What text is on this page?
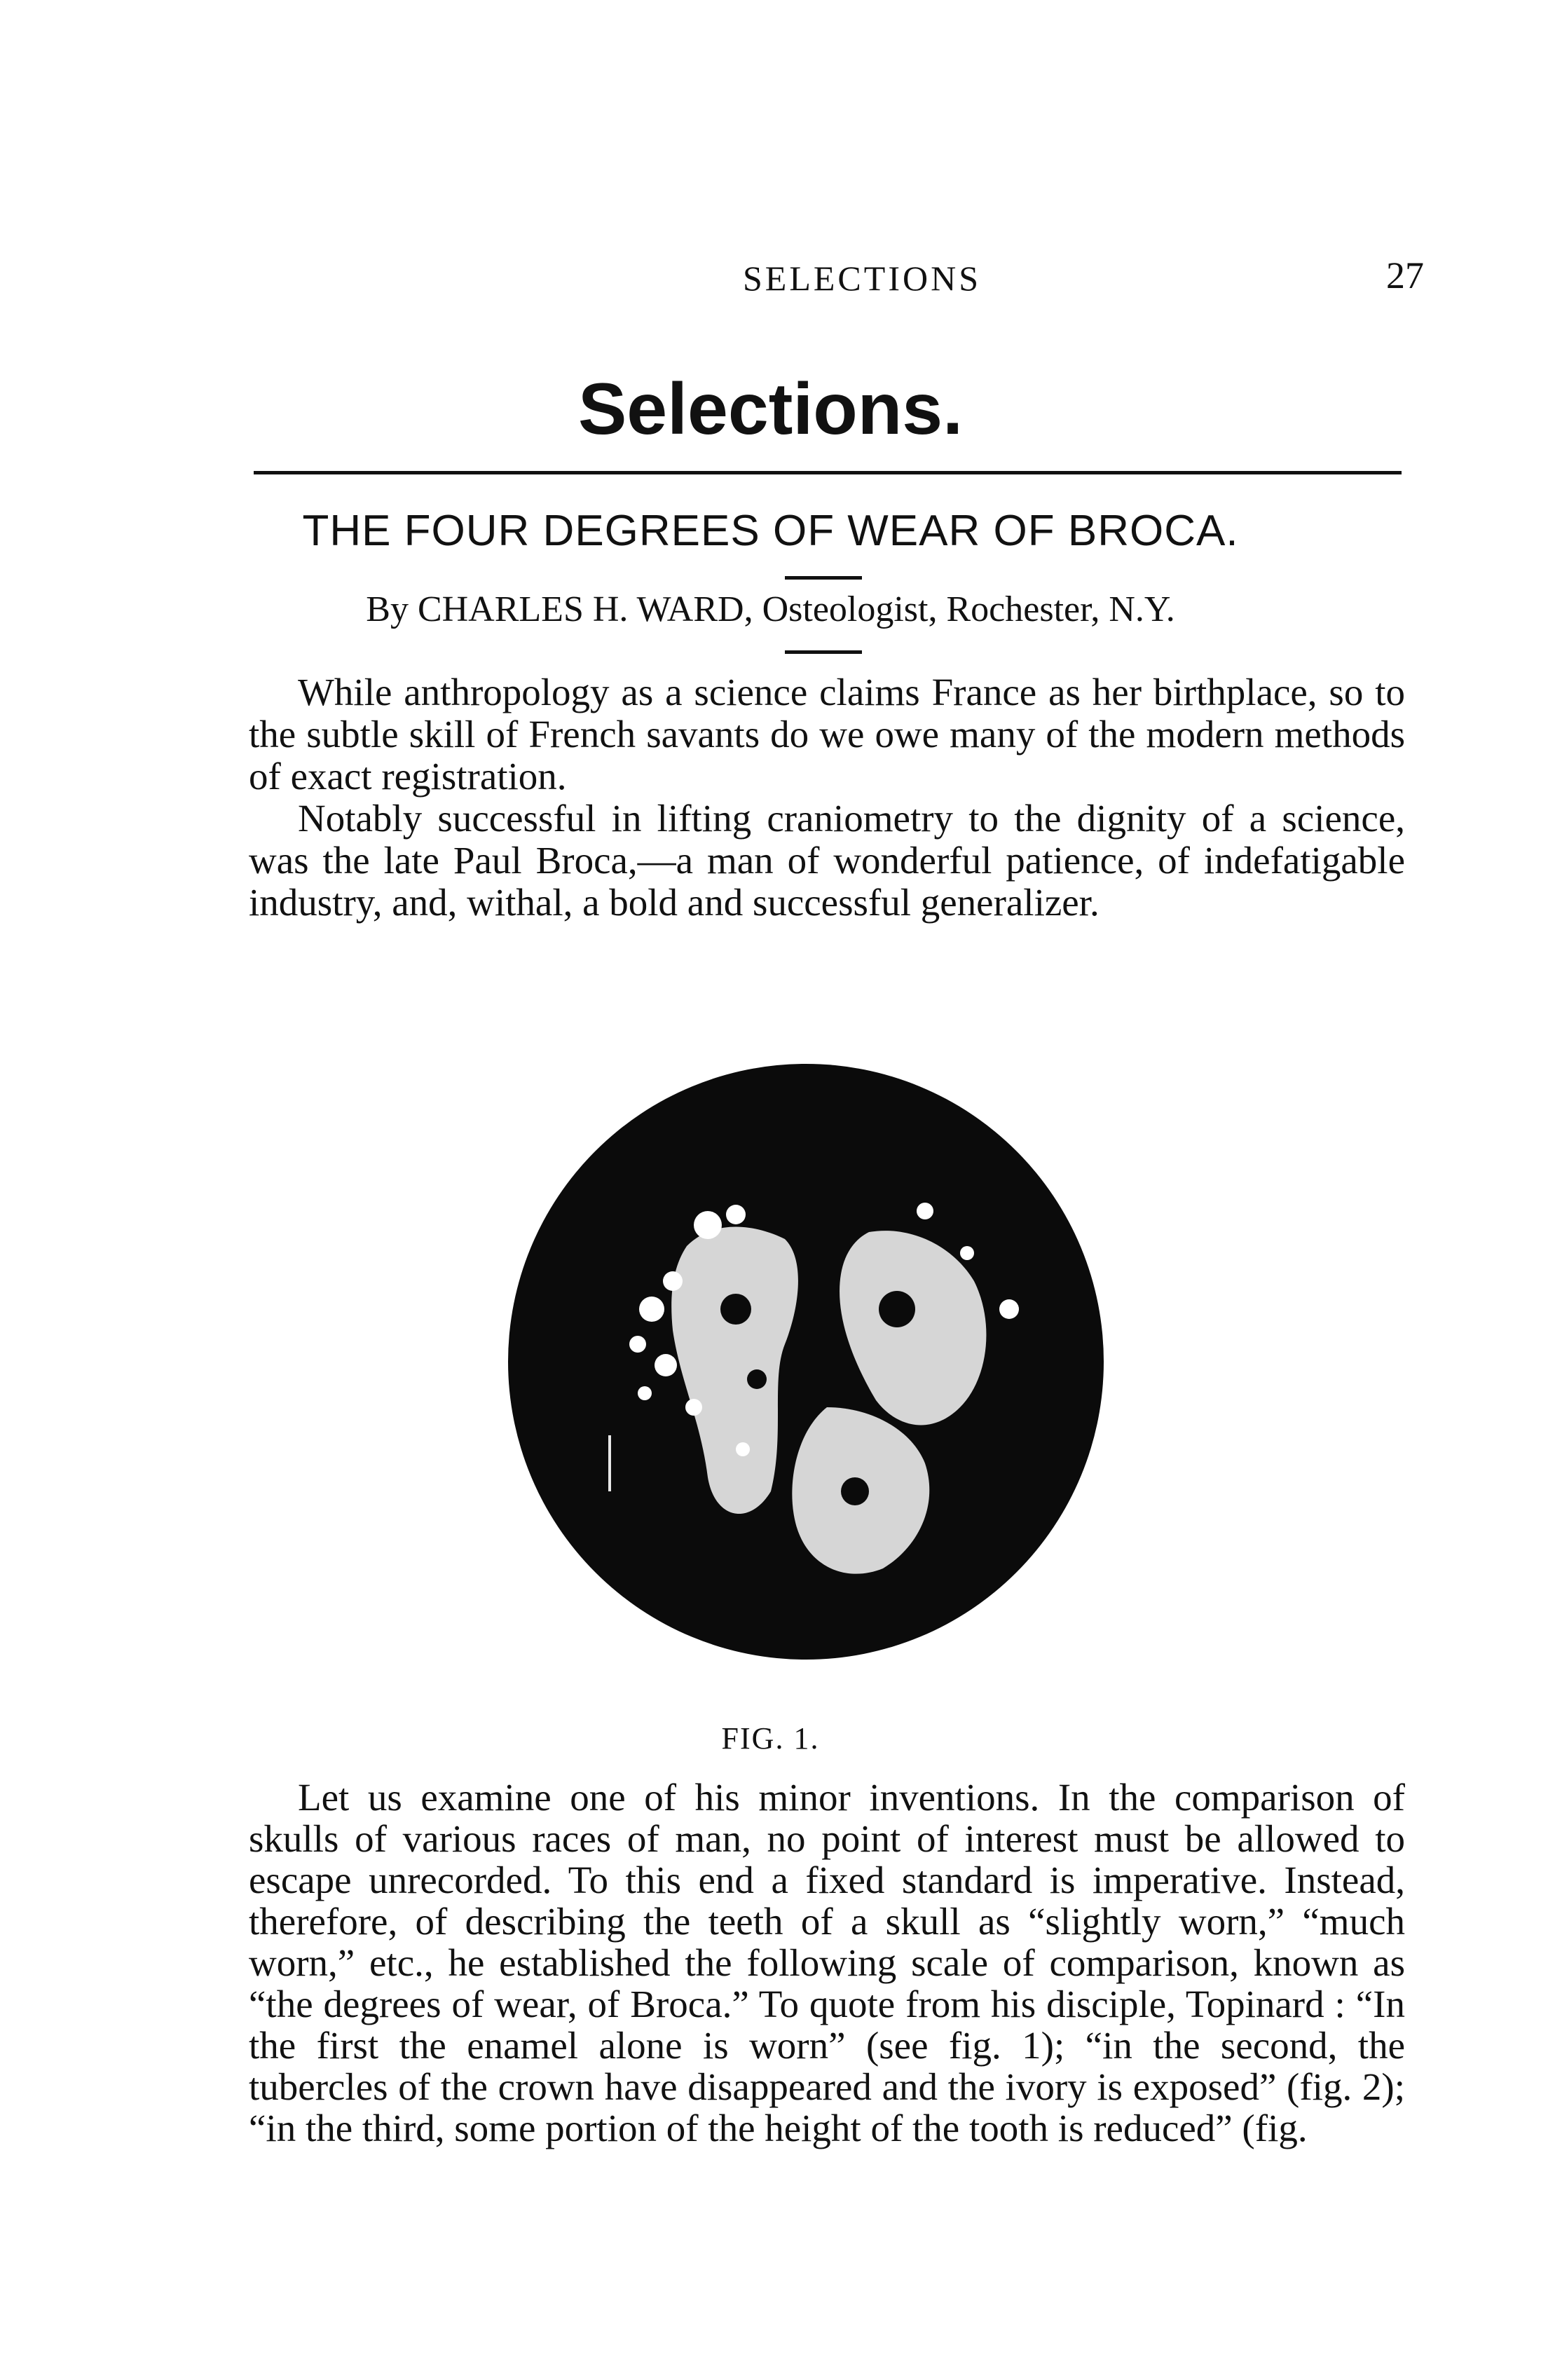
SELECTIONS	27
Selections.
THE FOUR DEGREES OF WEAR OF BROCA.
By CHARLES H. WARD, Osteologist, Rochester, N.Y.

While anthropology as a science claims France as her birthplace, so to the subtle skill of French savants do we owe many of the modern methods of exact registration.

Notably successful in lifting craniometry to the dignity of a science, was the late Paul Broca,—a man of wonderful patience, of indefatigable industry, and, withal, a bold and successful generalizer.

FIG. 1.

Let us examine one of his minor inventions. In the comparison of skulls of various races of man, no point of interest must be allowed to escape unrecorded. To this end a fixed standard is imperative. Instead, therefore, of describing the teeth of a skull as “slightly worn,” “much worn,” etc., he established the following scale of comparison, known as “the degrees of wear, of Broca.” To quote from his disciple, Topinard : “In the first the enamel alone is worn” (see fig. 1); “in the second, the tubercles of the crown have disappeared and the ivory is exposed” (fig. 2); “in the third, some portion of the height of the tooth is reduced” (fig.
